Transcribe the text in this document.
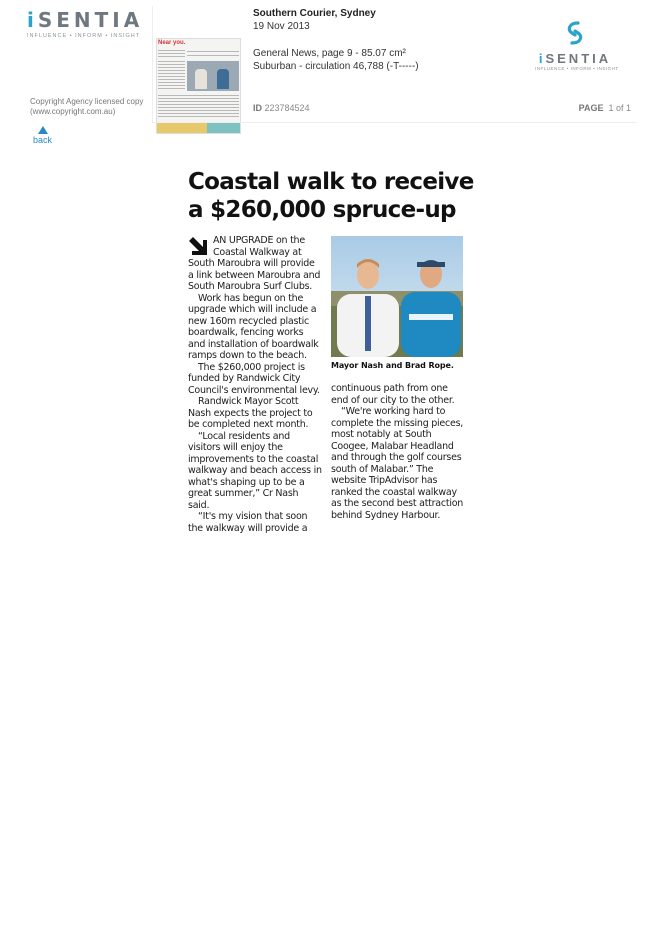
iSENTIA
INFLUENCE • INFORM • INSIGHT
Copyright Agency licensed copy
(www.copyright.com.au)
back
Near you.
Southern Courier, Sydney
19 Nov 2013
General News, page 9 - 85.07 cm²
Suburban - circulation 46,788 (-T-----)
ID 223784524	PAGE 1 of 1
iSENTIA
INFLUENCE • INFORM • INSIGHT
Coastal walk to receive
a $260,000 spruce-up

AN UPGRADE on the Coastal Walkway at South Maroubra will provide a link between Maroubra and South Maroubra Surf Clubs.

Work has begun on the upgrade which will include a new 160m recycled plastic boardwalk, fencing works and installation of boardwalk ramps down to the beach.

The $260,000 project is funded by Randwick City Council's environmental levy.

Randwick Mayor Scott Nash expects the project to be completed next month.

“Local residents and visitors will enjoy the improvements to the coastal walkway and beach access in what's shaping up to be a great summer,” Cr Nash said.

“It's my vision that soon the walkway will provide a

Mayor Nash and Brad Rope.

continuous path from one end of our city to the other.

“We're working hard to complete the missing pieces, most notably at South Coogee, Malabar Headland and through the golf courses south of Malabar.” The website TripAdvisor has ranked the coastal walkway as the second best attraction behind Sydney Harbour.
